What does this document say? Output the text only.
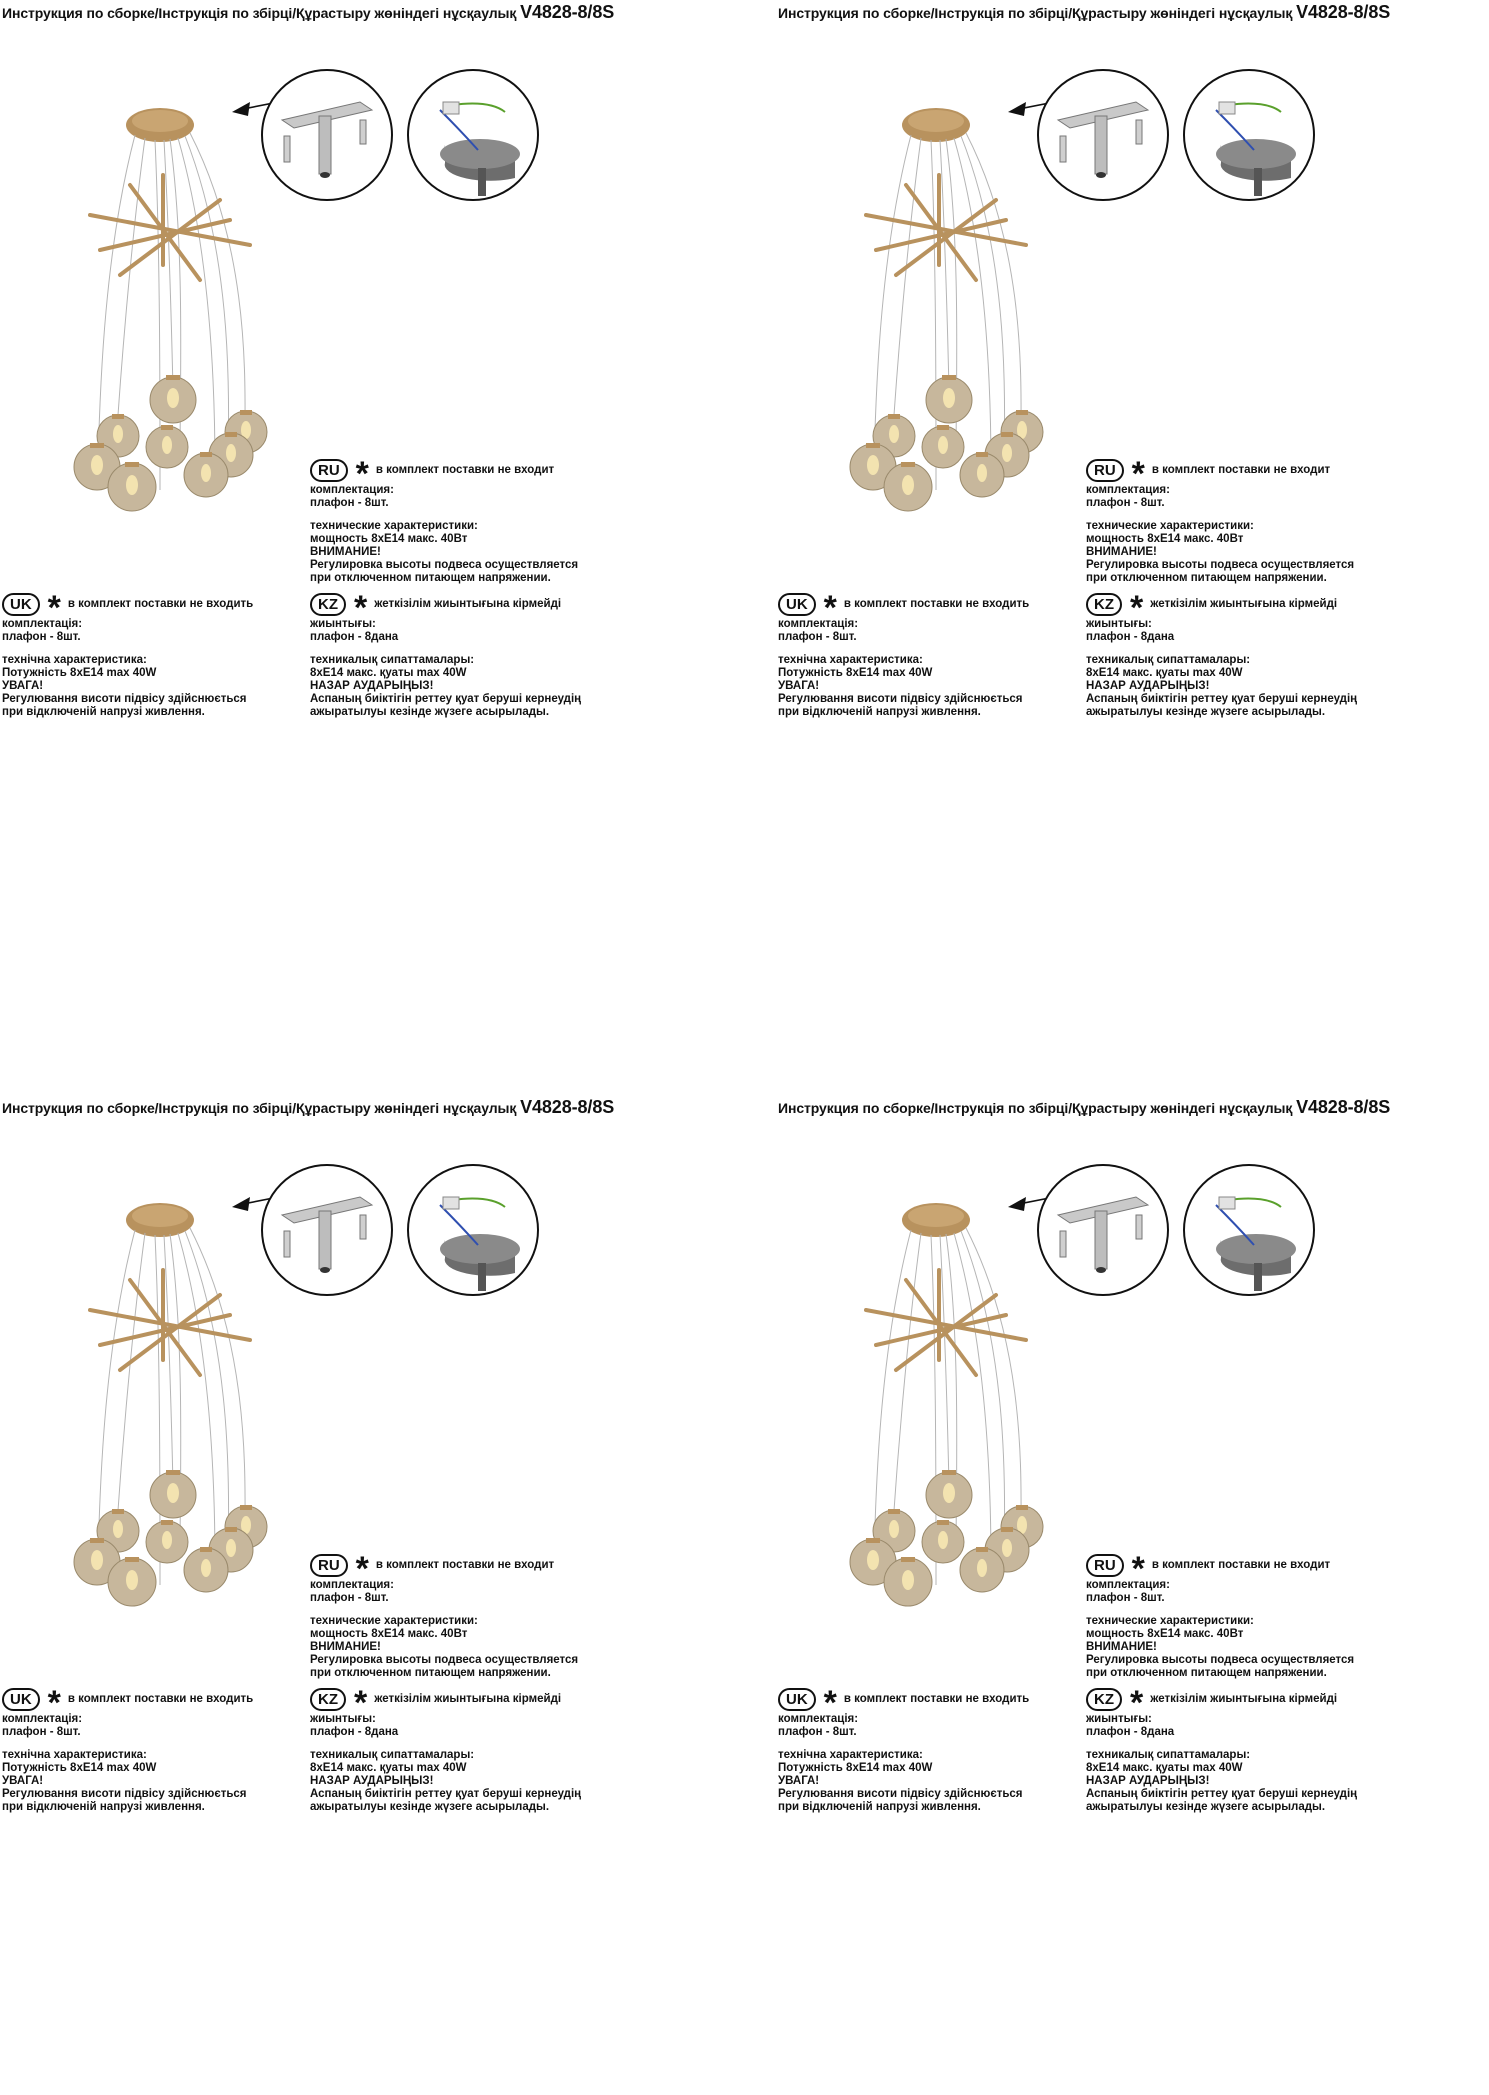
Инструкция по сборке/Інструкція по збірці/Құрастыру жөніндегі нұсқаулық V4828-8/8S
RU * в комплект поставки не входит
комплектация:
плафон - 8шт.
технические характеристики:
мощность 8хЕ14 макс. 40Вт
ВНИМАНИЕ!
Регулировка высоты подвеса осуществляется
при отключенном питающем напряжении.
UK * в комплект поставки не входить
комплектація:
плафон - 8шт.
технічна характеристика:
Потужність 8хЕ14 max 40W
УВАГА!
Регулювання висоти підвісу здійснюється
при відключеній напрузі живлення.
KZ * жеткізілім жиынтығына кірмейді
жиынтығы:
плафон - 8дана
техникалық сипаттамалары:
8хЕ14 макс. қуаты max 40W
НАЗАР АУДАРЫҢЫЗ!
Аспаның биіктігін реттеу қуат беруші кернеудің
ажыратылуы кезінде жүзеге асырылады.
Инструкция по сборке/Інструкція по збірці/Құрастыру жөніндегі нұсқаулық V4828-8/8S
RU * в комплект поставки не входит
комплектация:
плафон - 8шт.
технические характеристики:
мощность 8хЕ14 макс. 40Вт
ВНИМАНИЕ!
Регулировка высоты подвеса осуществляется
при отключенном питающем напряжении.
UK * в комплект поставки не входить
комплектація:
плафон - 8шт.
технічна характеристика:
Потужність 8хЕ14 max 40W
УВАГА!
Регулювання висоти підвісу здійснюється
при відключеній напрузі живлення.
KZ * жеткізілім жиынтығына кірмейді
жиынтығы:
плафон - 8дана
техникалық сипаттамалары:
8хЕ14 макс. қуаты max 40W
НАЗАР АУДАРЫҢЫЗ!
Аспаның биіктігін реттеу қуат беруші кернеудің
ажыратылуы кезінде жүзеге асырылады.
Инструкция по сборке/Інструкція по збірці/Құрастыру жөніндегі нұсқаулық V4828-8/8S
RU * в комплект поставки не входит
комплектация:
плафон - 8шт.
технические характеристики:
мощность 8хЕ14 макс. 40Вт
ВНИМАНИЕ!
Регулировка высоты подвеса осуществляется
при отключенном питающем напряжении.
UK * в комплект поставки не входить
комплектація:
плафон - 8шт.
технічна характеристика:
Потужність 8хЕ14 max 40W
УВАГА!
Регулювання висоти підвісу здійснюється
при відключеній напрузі живлення.
KZ * жеткізілім жиынтығына кірмейді
жиынтығы:
плафон - 8дана
техникалық сипаттамалары:
8хЕ14 макс. қуаты max 40W
НАЗАР АУДАРЫҢЫЗ!
Аспаның биіктігін реттеу қуат беруші кернеудің
ажыратылуы кезінде жүзеге асырылады.
Инструкция по сборке/Інструкція по збірці/Құрастыру жөніндегі нұсқаулық V4828-8/8S
RU * в комплект поставки не входит
комплектация:
плафон - 8шт.
технические характеристики:
мощность 8хЕ14 макс. 40Вт
ВНИМАНИЕ!
Регулировка высоты подвеса осуществляется
при отключенном питающем напряжении.
UK * в комплект поставки не входить
комплектація:
плафон - 8шт.
технічна характеристика:
Потужність 8хЕ14 max 40W
УВАГА!
Регулювання висоти підвісу здійснюється
при відключеній напрузі живлення.
KZ * жеткізілім жиынтығына кірмейді
жиынтығы:
плафон - 8дана
техникалық сипаттамалары:
8хЕ14 макс. қуаты max 40W
НАЗАР АУДАРЫҢЫЗ!
Аспаның биіктігін реттеу қуат беруші кернеудің
ажыратылуы кезінде жүзеге асырылады.
